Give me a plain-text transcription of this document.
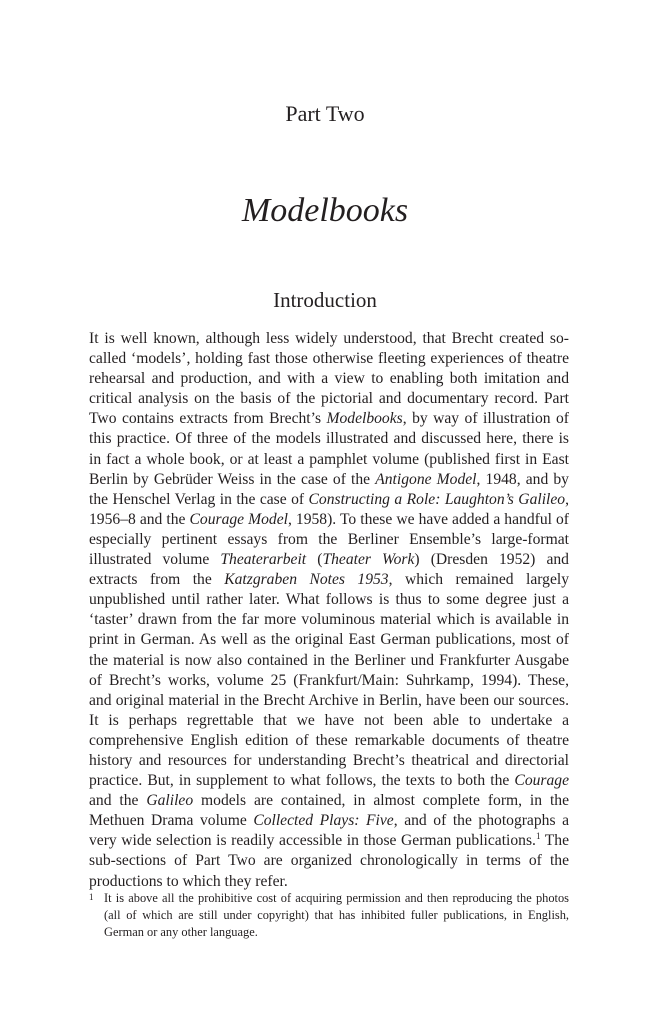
Part Two
Modelbooks
Introduction

It is well known, although less widely understood, that Brecht created so-called ‘models’, holding fast those otherwise fleeting experiences of theatre rehearsal and production, and with a view to enabling both imitation and critical analysis on the basis of the pictorial and documentary record. Part Two contains extracts from Brecht’s Modelbooks, by way of illustration of this practice. Of three of the models illustrated and discussed here, there is in fact a whole book, or at least a pamphlet volume (published first in East Berlin by Gebrüder Weiss in the case of the Antigone Model, 1948, and by the Henschel Verlag in the case of Constructing a Role: Laughton’s Galileo, 1956–8 and the Courage Model, 1958). To these we have added a handful of especially pertinent essays from the Berliner Ensemble’s large-format illustrated volume Theaterarbeit (Theater Work) (Dresden 1952) and extracts from the Katzgraben Notes 1953, which remained largely unpublished until rather later. What follows is thus to some degree just a ‘taster’ drawn from the far more voluminous material which is available in print in German. As well as the original East German publications, most of the material is now also contained in the Berliner und Frankfurter Ausgabe of Brecht’s works, volume 25 (Frankfurt/Main: Suhrkamp, 1994). These, and original material in the Brecht Archive in Berlin, have been our sources. It is perhaps regrettable that we have not been able to undertake a comprehensive English edition of these remarkable documents of theatre history and resources for understanding Brecht’s theatrical and directorial practice. But, in supplement to what follows, the texts to both the Courage and the Galileo models are contained, in almost complete form, in the Methuen Drama volume Collected Plays: Five, and of the photographs a very wide selection is readily accessible in those German publications.$^1$ The sub-sections of Part Two are organized chronologically in terms of the productions to which they refer.

1 It is above all the prohibitive cost of acquiring permission and then reproducing the photos (all of which are still under copyright) that has inhibited fuller publications, in English, German or any other language.
